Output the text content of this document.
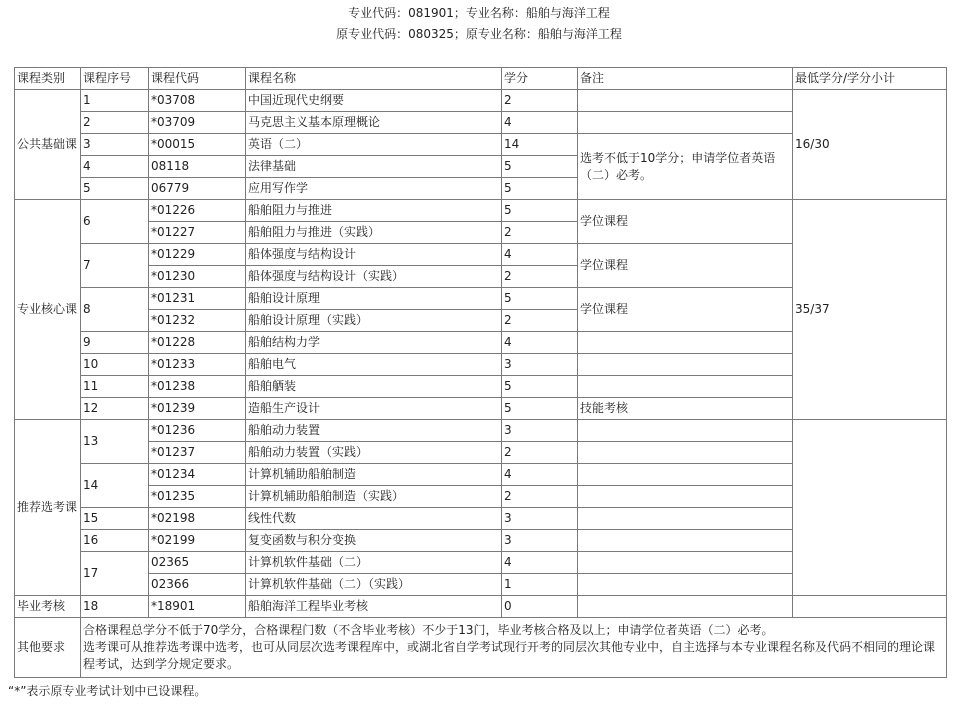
专业代码：081901；专业名称：船舶与海洋工程
原专业代码：080325；原专业名称：船舶与海洋工程
课程类别	课程序号	课程代码	课程名称	学分	备注	最低学分/学分小计
公共基础课	1	*03708	中国近现代史纲要	2		16/30
	2	*03709	马克思主义基本原理概论	4		
	3	*00015	英语（二）	14	选考不低于10学分；申请学位者英语（二）必考。	
	4	08118	法律基础	5		
	5	06779	应用写作学	5		
专业核心课	6	*01226	船舶阻力与推进	5	学位课程	35/37
		*01227	船舶阻力与推进（实践）	2		
	7	*01229	船体强度与结构设计	4	学位课程	
		*01230	船体强度与结构设计（实践）	2		
	8	*01231	船舶设计原理	5	学位课程	
		*01232	船舶设计原理（实践）	2		
	9	*01228	船舶结构力学	4		
	10	*01233	船舶电气	3		
	11	*01238	船舶舾装	5		
	12	*01239	造船生产设计	5	技能考核	
推荐选考课	13	*01236	船舶动力装置	3		
		*01237	船舶动力装置（实践）	2		
	14	*01234	计算机辅助船舶制造	4		
		*01235	计算机辅助船舶制造（实践）	2		
	15	*02198	线性代数	3		
	16	*02199	复变函数与积分变换	3		
	17	02365	计算机软件基础（二）	4		
		02366	计算机软件基础（二）（实践）	1		
毕业考核	18	*18901	船舶海洋工程毕业考核	0		
其他要求	合格课程总学分不低于70学分，合格课程门数（不含毕业考核）不少于13门，毕业考核合格及以上；申请学位者英语（二）必考。
选考课可从推荐选考课中选考，也可从同层次选考课程库中，或湖北省自学考试现行开考的同层次其他专业中，自主选择与本专业课程名称及代码不相同的理论课程考试，达到学分规定要求。					
“*”表示原专业考试计划中已设课程。
